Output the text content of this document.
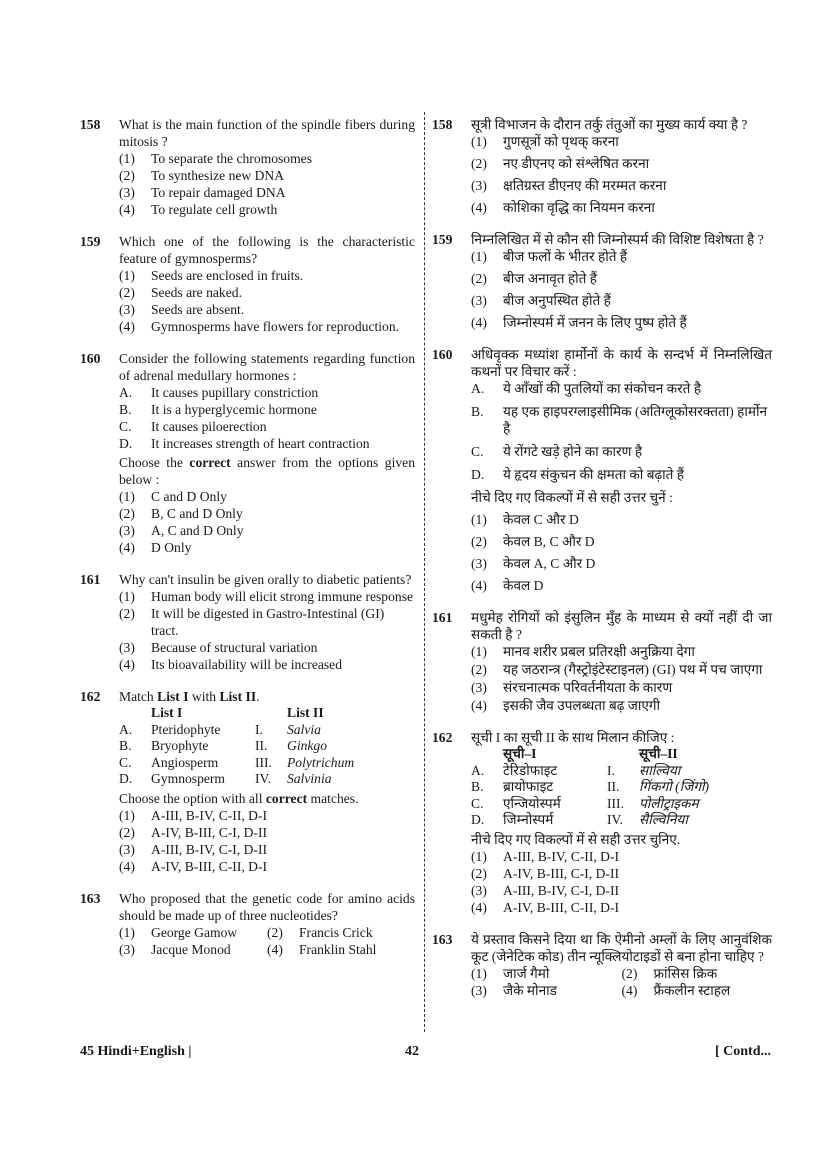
158 What is the main function of the spindle fibers during mitosis ?
(1) To separate the chromosomes
(2) To synthesize new DNA
(3) To repair damaged DNA
(4) To regulate cell growth
159 Which one of the following is the characteristic feature of gymnosperms?
(1) Seeds are enclosed in fruits.
(2) Seeds are naked.
(3) Seeds are absent.
(4) Gymnosperms have flowers for reproduction.
160 Consider the following statements regarding function of adrenal medullary hormones :
A. It causes pupillary constriction
B. It is a hyperglycemic hormone
C. It causes piloerection
D. It increases strength of heart contraction
Choose the correct answer from the options given below :
(1) C and D Only
(2) B, C and D Only
(3) A, C and D Only
(4) D Only
161 Why can't insulin be given orally to diabetic patients?
(1) Human body will elicit strong immune response
(2) It will be digested in Gastro-Intestinal (GI) tract.
(3) Because of structural variation
(4) Its bioavailability will be increased
162 Match List I with List II.
	List I		List II
A.	Pteridophyte	I.	Salvia
B.	Bryophyte	II.	Ginkgo
C.	Angiosperm	III.	Polytrichum
D.	Gymnosperm	IV.	Salvinia
Choose the option with all correct matches.
(1) A-III, B-IV, C-II, D-I
(2) A-IV, B-III, C-I, D-II
(3) A-III, B-IV, C-I, D-II
(4) A-IV, B-III, C-II, D-I
163 Who proposed that the genetic code for amino acids should be made up of three nucleotides?
(1) George Gamow	(2) Francis Crick
(3) Jacque Monod	(4) Franklin Stahl
158 सूत्री विभाजन के दौरान तर्कु तंतुओं का मुख्य कार्य क्या है ?
(1) गुणसूत्रों को पृथक् करना
(2) नए डीएनए को संश्लेषित करना
(3) क्षतिग्रस्त डीएनए की मरम्मत करना
(4) कोशिका वृद्धि का नियमन करना
159 निम्नलिखित में से कौन सी जिम्नोस्पर्म की विशिष्ट विशेषता है ?
(1) बीज फलों के भीतर होते हैं
(2) बीज अनावृत होते हैं
(3) बीज अनुपस्थित होते हैं
(4) जिम्नोस्पर्म में जनन के लिए पुष्प होते हैं
160 अधिवृक्क मध्यांश हार्मोनों के कार्य के सन्दर्भ में निम्नलिखित कथनों पर विचार करें :
A. ये आँखों की पुतलियों का संकोचन करते है
B. यह एक हाइपरग्लाइसीमिक (अतिग्लूकोसरक्तता) हार्मोन है
C. ये रोंगटे खड़े होने का कारण है
D. ये हृदय संकुचन की क्षमता को बढ़ाते हैं
नीचे दिए गए विकल्पों में से सही उत्तर चुनें :
(1) केवल C और D
(2) केवल B, C और D
(3) केवल A, C और D
(4) केवल D
161 मधुमेह रोगियों को इंसुलिन मुँह के माध्यम से क्यों नहीं दी जा सकती है ?
(1) मानव शरीर प्रबल प्रतिरक्षी अनुक्रिया देगा
(2) यह जठरान्त्र (गैस्ट्रोइंटेस्टाइनल) (GI) पथ में पच जाएगा
(3) संरचनात्मक परिवर्तनीयता के कारण
(4) इसकी जैव उपलब्धता बढ़ जाएगी
162 सूची I का सूची II के साथ मिलान कीजिए :
	सूची–I		सूची–II
A.	टेरिडोफाइट	I.	साल्विया
B.	ब्रायोफाइट	II.	गिंकगो (जिंगो)
C.	एन्जियोस्पर्म	III.	पोलीट्राइकम
D.	जिम्नोस्पर्म	IV.	सैल्विनिया
नीचे दिए गए विकल्पों में से सही उत्तर चुनिए.
(1) A-III, B-IV, C-II, D-I
(2) A-IV, B-III, C-I, D-II
(3) A-III, B-IV, C-I, D-II
(4) A-IV, B-III, C-II, D-I
163 ये प्रस्ताव किसने दिया था कि ऐमीनो अम्लों के लिए आनुवंशिक कूट (जेनेटिक कोड) तीन न्यूक्लियोटाइडों से बना होना चाहिए ?
(1) जार्ज गैमो	(2) फ्रांसिस क्रिक
(3) जैके मोनाड	(4) फ्रैंकलीन स्टाहल
45 Hindi+English |	42	[ Contd...
